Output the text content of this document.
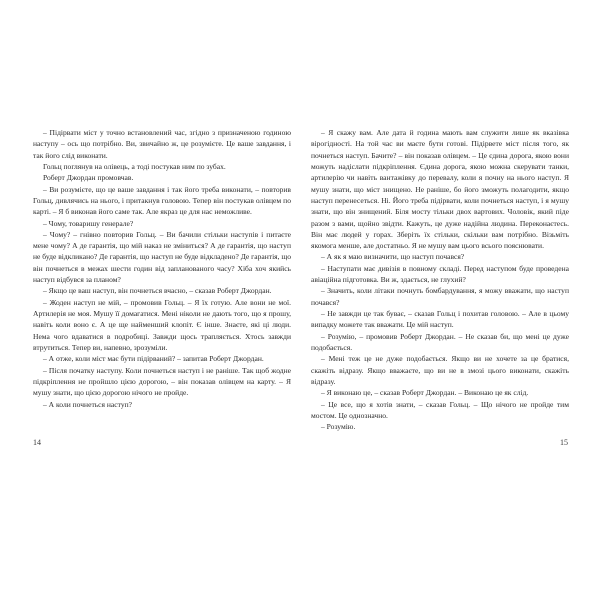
– Підірвати міст у точно встановлений час, згідно з призначеною годиною наступу – ось що потрібно. Ви, звичайно ж, це розумієте. Це ваше завдання, і так його слід виконати.

Гольц поглянув на олівець, а тоді постукав ним по зубах.

Роберт Джордан промовчав.

– Ви розумієте, що це ваше завдання і так його треба виконати, – повторив Гольц, дивлячись на нього, і притакнув головою. Тепер він постукав олівцем по карті. – Я б виконав його саме так. Але якраз це для нас неможливе.

– Чому, товаришу генерале?

– Чому? – гнівно повторив Гольц. – Ви бачили стільки наступів і питаєте мене чому? А де гарантія, що мій наказ не зміниться? А де гарантія, що наступ не буде відкликано? Де гарантія, що наступ не буде відкладено? Де гарантія, що він почнеться в межах шести годин від запланованого часу? Хіба хоч якийсь наступ відбувся за планом?

– Якщо це ваш наступ, він почнеться вчасно, – сказав Роберт Джордан.

– Жоден наступ не мій, – промовив Гольц. – Я їх готую. Але вони не мої. Артилерія не моя. Мушу її домагатися. Мені ніколи не дають того, що я прошу, навіть коли воно є. А це ще найменший клопіт. Є інше. Знаєте, які ці люди. Нема чого вдаватися в подробиці. Завжди щось трапляється. Хтось завжди втрутиться. Тепер ви, напевно, зрозуміли.

– А отже, коли міст має бути підірваний? – запитав Роберт Джордан.

– Після початку наступу. Коли почнеться наступ і не раніше. Так щоб жодне підкріплення не пройшло цією дорогою, – він показав олівцем на карту. – Я мушу знати, що цією дорогою нічого не пройде.

– А коли почнеться наступ?

– Я скажу вам. Але дата й година мають вам служити лише як вказівка вірогідності. На той час ви маєте бути готові. Підірвете міст після того, як почнеться наступ. Бачите? – він показав олівцем. – Це єдина дорога, якою вони можуть надіслати підкріплення. Єдина дорога, якою можна скерувати танки, артилерію чи навіть вантажівку до перевалу, коли я почну на нього наступ. Я мушу знати, що міст знищено. Не раніше, бо його зможуть полагодити, якщо наступ перенесеться. Ні. Його треба підірвати, коли почнеться наступ, і я мушу знати, що він знищений. Біля мосту тільки двох вартових. Чоловік, який піде разом з вами, щойно звідти. Кажуть, це дуже надійна людина. Переконаєтесь. Він має людей у горах. Зберіть їх стільки, скільки вам потрібно. Візьміть якомога менше, але достатньо. Я не мушу вам цього всього пояснювати.

– А як я маю визначити, що наступ почався?

– Наступати має дивізія в повному складі. Перед наступом буде проведена авіаційна підготовка. Ви ж, здається, не глухий?

– Значить, коли літаки почнуть бомбардування, я можу вважати, що наступ почався?

– Не завжди це так буває, – сказав Гольц і похитав головою. – Але в цьому випадку можете так вважати. Це мій наступ.

– Розумію, – промовив Роберт Джордан. – Не сказав би, що мені це дуже подобається.

– Мені теж це не дуже подобається. Якщо ви не хочете за це братися, скажіть відразу. Якщо вважаєте, що ви не в змозі цього виконати, скажіть відразу.

– Я виконаю це, – сказав Роберт Джордан. – Виконаю це як слід.

– Це все, що я хотів знати, – сказав Гольц. – Що нічого не пройде тим мостом. Це однозначно.

– Розумію.

14	15
